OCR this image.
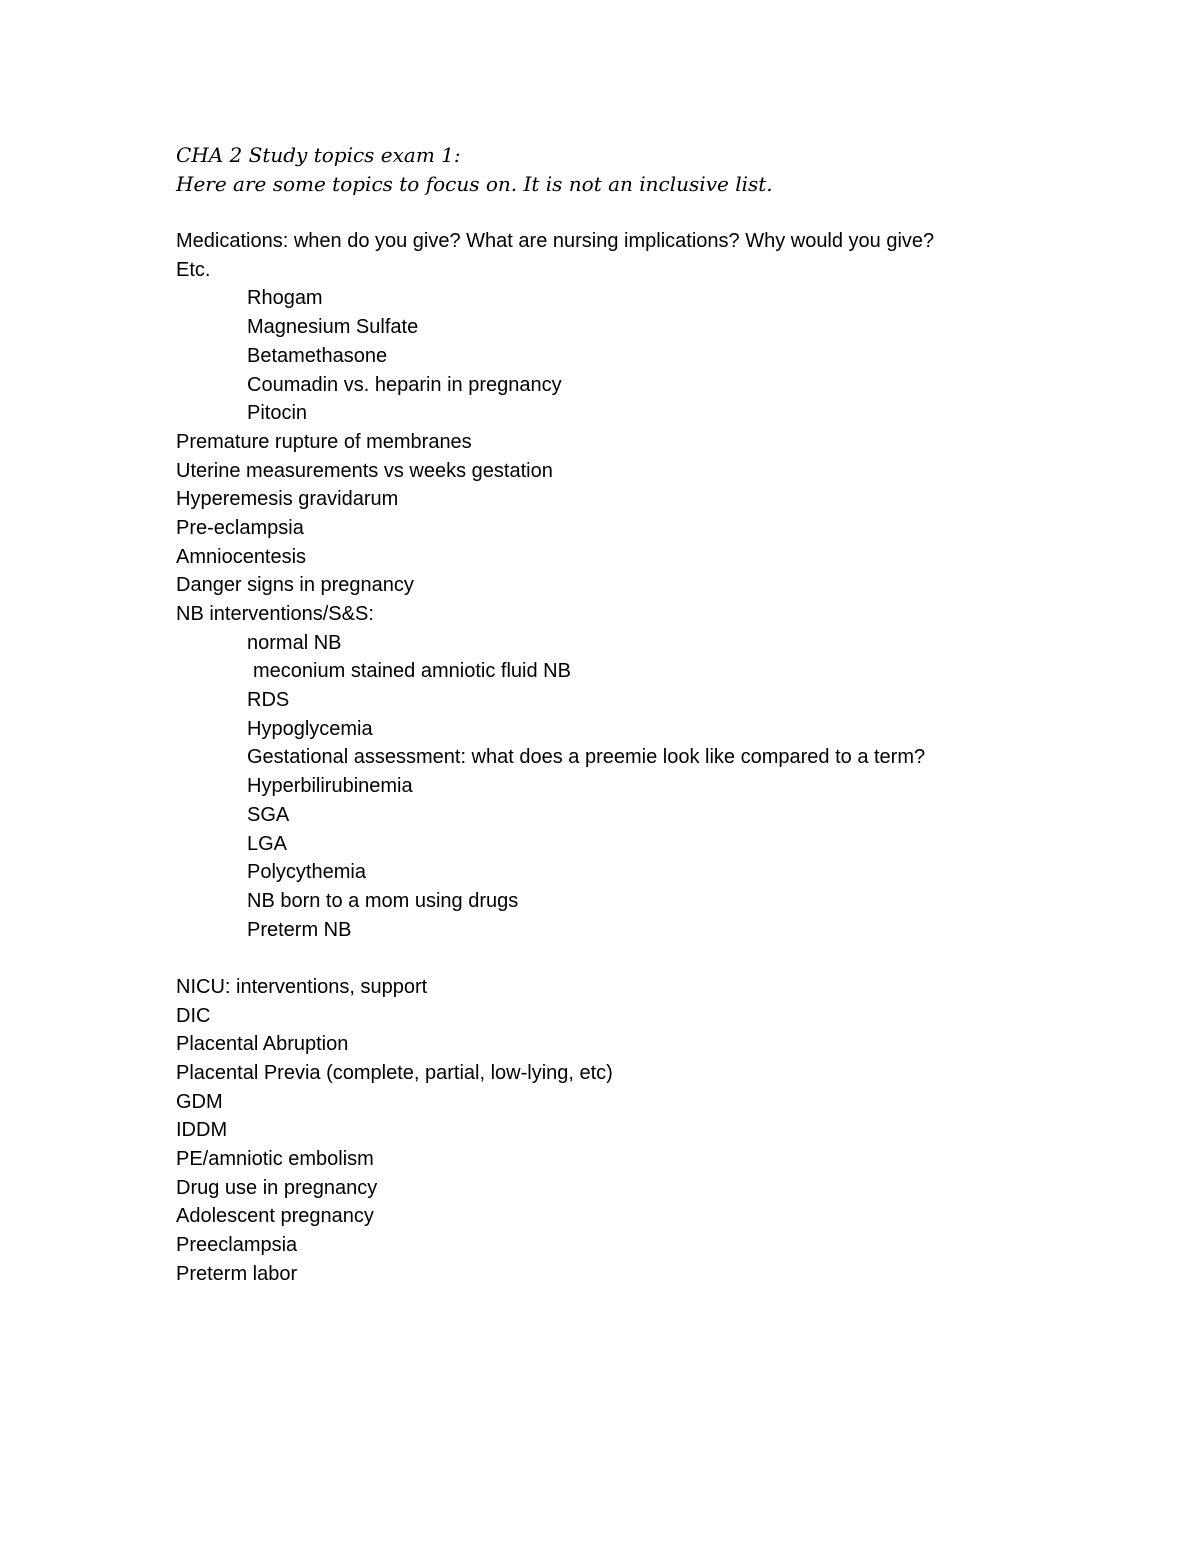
CHA 2 Study topics exam 1:
Here are some topics to focus on. It is not an inclusive list.
Medications: when do you give? What are nursing implications? Why would you give?
Etc.
Rhogam
Magnesium Sulfate
Betamethasone
Coumadin vs. heparin in pregnancy
Pitocin
Premature rupture of membranes
Uterine measurements vs weeks gestation
Hyperemesis gravidarum
Pre-eclampsia
Amniocentesis
Danger signs in pregnancy
NB interventions/S&S:
normal NB
meconium stained amniotic fluid NB
RDS
Hypoglycemia
Gestational assessment: what does a preemie look like compared to a term?
Hyperbilirubinemia
SGA
LGA
Polycythemia
NB born to a mom using drugs
Preterm NB
NICU: interventions, support
DIC
Placental Abruption
Placental Previa (complete, partial, low-lying, etc)
GDM
IDDM
PE/amniotic embolism
Drug use in pregnancy
Adolescent pregnancy
Preeclampsia
Preterm labor
